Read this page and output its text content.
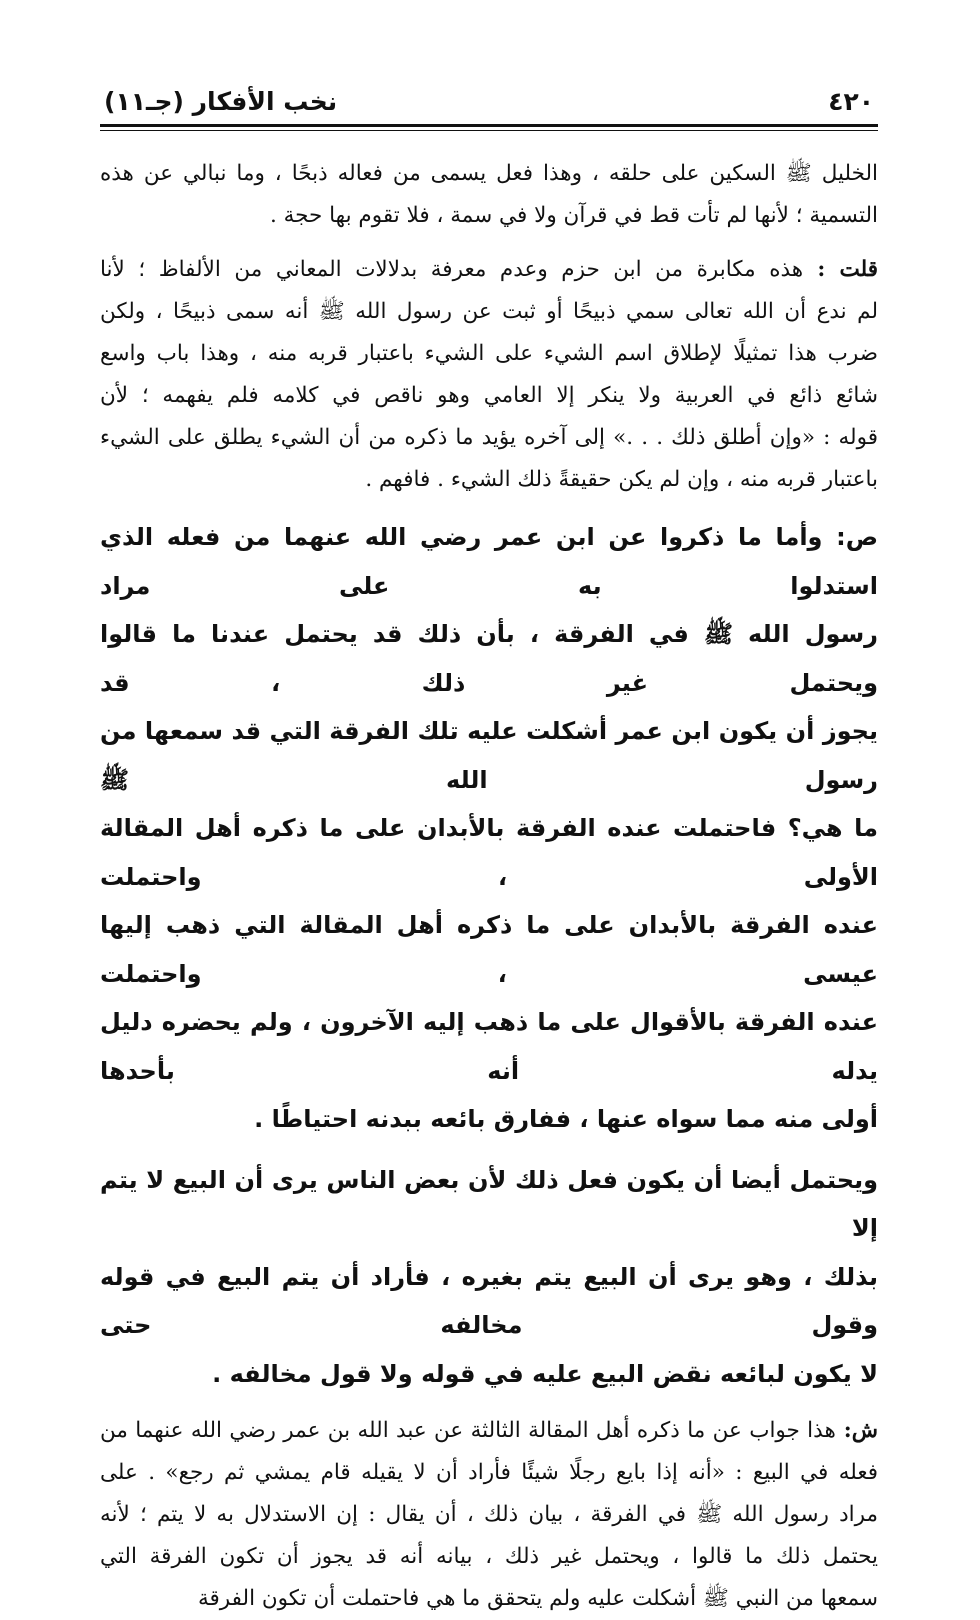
٤٢٠
نخب الأفكار (جـ١١)
الخليل ﷺ السكين على حلقه ، وهذا فعل يسمى من فعاله ذبحًا ، وما نبالي عن هذه
التسمية ؛ لأنها لم تأت قط في قرآن ولا في سمة ، فلا تقوم بها حجة .
قلت : هذه مكابرة من ابن حزم وعدم معرفة بدلالات المعاني من الألفاظ ؛ لأنا
لم ندع أن الله تعالى سمي ذبيحًا أو ثبت عن رسول الله ﷺ أنه سمى ذبيحًا ، ولكن
ضرب هذا تمثيلًا لإطلاق اسم الشيء على الشيء باعتبار قربه منه ، وهذا باب واسع
شائع ذائع في العربية ولا ينكر إلا العامي وهو ناقص في كلامه فلم يفهمه ؛ لأن
قوله : «وإن أطلق ذلك . . .» إلى آخره يؤيد ما ذكره من أن الشيء يطلق على الشيء
باعتبار قربه منه ، وإن لم يكن حقيقةً ذلك الشيء . فافهم .
ص: وأما ما ذكروا عن ابن عمر رضي الله عنهما من فعله الذي استدلوا به على مراد
رسول الله ﷺ في الفرقة ، بأن ذلك قد يحتمل عندنا ما قالوا ويحتمل غير ذلك ، قد
يجوز أن يكون ابن عمر أشكلت عليه تلك الفرقة التي قد سمعها من رسول الله ﷺ
ما هي؟ فاحتملت عنده الفرقة بالأبدان على ما ذكره أهل المقالة الأولى ، واحتملت
عنده الفرقة بالأبدان على ما ذكره أهل المقالة التي ذهب إليها عيسى ، واحتملت
عنده الفرقة بالأقوال على ما ذهب إليه الآخرون ، ولم يحضره دليل يدله أنه بأحدها
أولى منه مما سواه عنها ، ففارق بائعه ببدنه احتياطًا .
ويحتمل أيضا أن يكون فعل ذلك لأن بعض الناس يرى أن البيع لا يتم إلا
بذلك ، وهو يرى أن البيع يتم بغيره ، فأراد أن يتم البيع في قوله وقول مخالفه حتى
لا يكون لبائعه نقض البيع عليه في قوله ولا قول مخالفه .
ش: هذا جواب عن ما ذكره أهل المقالة الثالثة عن عبد الله بن عمر رضي الله عنهما من
فعله في البيع : «أنه إذا بايع رجلًا شيئًا فأراد أن لا يقيله قام يمشي ثم رجع» . على
مراد رسول الله ﷺ في الفرقة ، بيان ذلك ، أن يقال : إن الاستدلال به لا يتم ؛ لأنه
يحتمل ذلك ما قالوا ، ويحتمل غير ذلك ، بيانه أنه قد يجوز أن تكون الفرقة التي
سمعها من النبي ﷺ أشكلت عليه ولم يتحقق ما هي فاحتملت أن تكون الفرقة
